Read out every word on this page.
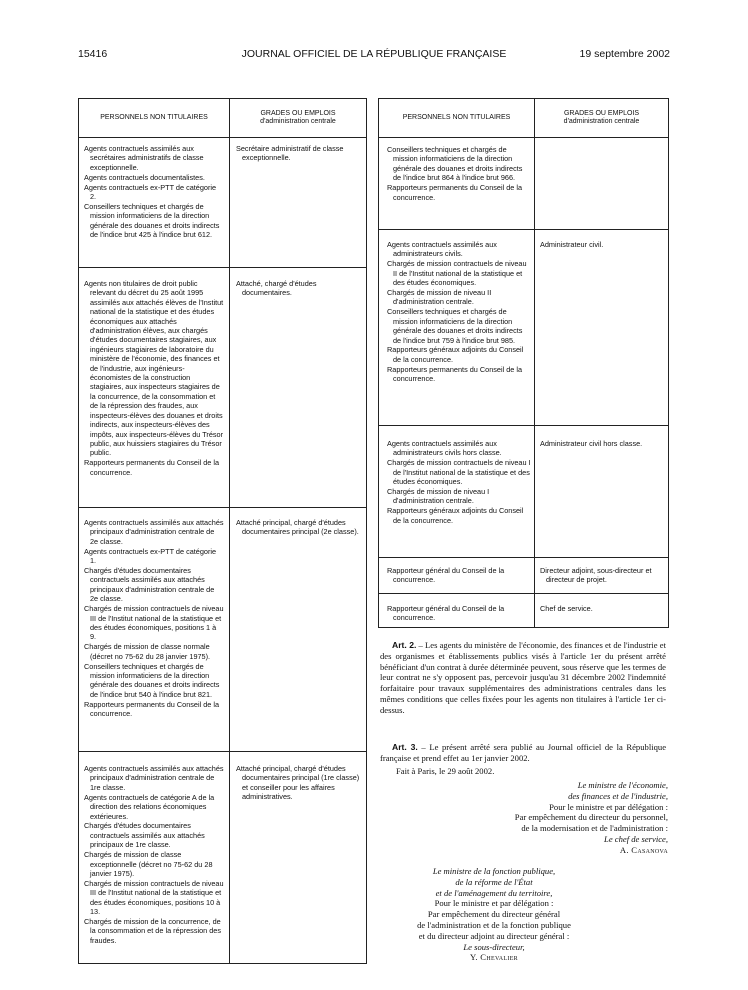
15416	JOURNAL OFFICIEL DE LA RÉPUBLIQUE FRANÇAISE	19 septembre 2002
PERSONNELS NON TITULAIRES
GRADES OU EMPLOIS
d'administration centrale

Agents contractuels assimilés aux secrétaires administratifs de classe exceptionnelle.

Agents contractuels documentalistes.

Agents contractuels ex-PTT de catégorie 2.

Conseillers techniques et chargés de mission informaticiens de la direction générale des douanes et droits indirects de l'indice brut 425 à l'indice brut 612.

Secrétaire administratif de classe exceptionnelle.

Agents non titulaires de droit public relevant du décret du 25 août 1995 assimilés aux attachés élèves de l'Institut national de la statistique et des études économiques aux attachés d'administration élèves, aux chargés d'études documentaires stagiaires, aux ingénieurs stagiaires de laboratoire du ministère de l'économie, des finances et de l'industrie, aux ingénieurs-économistes de la construction stagiaires, aux inspecteurs stagiaires de la concurrence, de la consommation et de la répression des fraudes, aux inspecteurs-élèves des douanes et droits indirects, aux inspecteurs-élèves des impôts, aux inspecteurs-élèves du Trésor public, aux huissiers stagiaires du Trésor public.

Rapporteurs permanents du Conseil de la concurrence.

Attaché, chargé d'études documentaires.

Agents contractuels assimilés aux attachés principaux d'administration centrale de 2e classe.

Agents contractuels ex-PTT de catégorie 1.

Chargés d'études documentaires contractuels assimilés aux attachés principaux d'administration centrale de 2e classe.

Chargés de mission contractuels de niveau III de l'Institut national de la statistique et des études économiques, positions 1 à 9.

Chargés de mission de classe normale (décret no 75-62 du 28 janvier 1975).

Conseillers techniques et chargés de mission informaticiens de la direction générale des douanes et droits indirects de l'indice brut 540 à l'indice brut 821.

Rapporteurs permanents du Conseil de la concurrence.

Attaché principal, chargé d'études documentaires principal (2e classe).

Agents contractuels assimilés aux attachés principaux d'administration centrale de 1re classe.

Agents contractuels de catégorie A de la direction des relations économiques extérieures.

Chargés d'études documentaires contractuels assimilés aux attachés principaux de 1re classe.

Chargés de mission de classe exceptionnelle (décret no 75-62 du 28 janvier 1975).

Chargés de mission contractuels de niveau III de l'Institut national de la statistique et des études économiques, positions 10 à 13.

Chargés de mission de la concurrence, de la consommation et de la répression des fraudes.

Attaché principal, chargé d'études documentaires principal (1re classe) et conseiller pour les affaires administratives.

PERSONNELS NON TITULAIRES
GRADES OU EMPLOIS
d'administration centrale

Conseillers techniques et chargés de mission informaticiens de la direction générale des douanes et droits indirects de l'indice brut 864 à l'indice brut 966.

Rapporteurs permanents du Conseil de la concurrence.

Agents contractuels assimilés aux administrateurs civils.

Chargés de mission contractuels de niveau II de l'Institut national de la statistique et des études économiques.

Chargés de mission de niveau II d'administration centrale.

Conseillers techniques et chargés de mission informaticiens de la direction générale des douanes et droits indirects de l'indice brut 759 à l'indice brut 985.

Rapporteurs généraux adjoints du Conseil de la concurrence.

Rapporteurs permanents du Conseil de la concurrence.

Administrateur civil.

Agents contractuels assimilés aux administrateurs civils hors classe.

Chargés de mission contractuels de niveau I de l'Institut national de la statistique et des études économiques.

Chargés de mission de niveau I d'administration centrale.

Rapporteurs généraux adjoints du Conseil de la concurrence.

Administrateur civil hors classe.

Rapporteur général du Conseil de la concurrence.

Directeur adjoint, sous-directeur et directeur de projet.

Rapporteur général du Conseil de la concurrence.

Chef de service.

Art. 2. – Les agents du ministère de l'économie, des finances et de l'industrie et des organismes et établissements publics visés à l'article 1er du présent arrêté bénéficiant d'un contrat à durée déterminée peuvent, sous réserve que les termes de leur contrat ne s'y opposent pas, percevoir jusqu'au 31 décembre 2002 l'indemnité forfaitaire pour travaux supplémentaires des administrations centrales dans les mêmes conditions que celles fixées pour les agents non titulaires à l'article 1er ci-dessus.

Art. 3. – Le présent arrêté sera publié au Journal officiel de la République française et prend effet au 1er janvier 2002.

Fait à Paris, le 29 août 2002.
Le ministre de l'économie,
des finances et de l'industrie,
Pour le ministre et par délégation :
Par empêchement du directeur du personnel,
de la modernisation et de l'administration :
Le chef de service,
A. Casanova
Le ministre de la fonction publique,
de la réforme de l'État
et de l'aménagement du territoire,
Pour le ministre et par délégation :
Par empêchement du directeur général
de l'administration et de la fonction publique
et du directeur adjoint au directeur général :
Le sous-directeur,
Y. Chevalier
